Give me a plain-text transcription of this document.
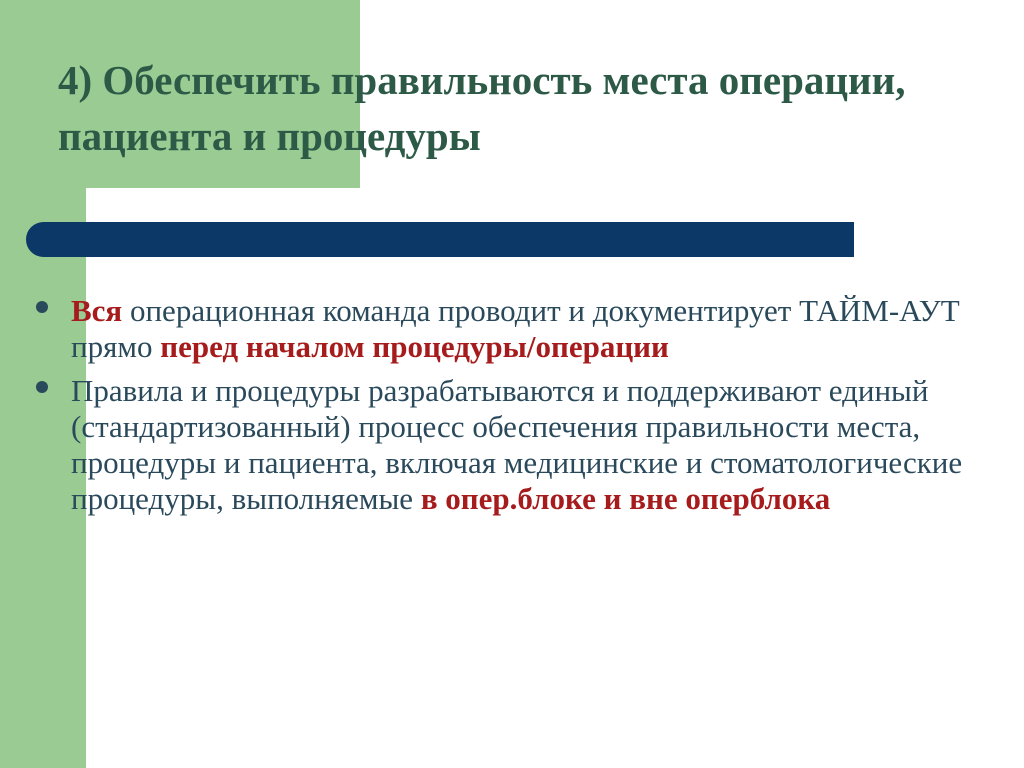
4) Обеспечить правильность места операции, пациента и процедуры
Вся операционная команда проводит и документирует ТАЙМ-АУТ прямо перед началом процедуры/операции
Правила и процедуры разрабатываются и поддерживают единый (стандартизованный) процесс обеспечения правильности места, процедуры и пациента, включая медицинские и стоматологические процедуры, выполняемые в опер.блоке и вне оперблока
